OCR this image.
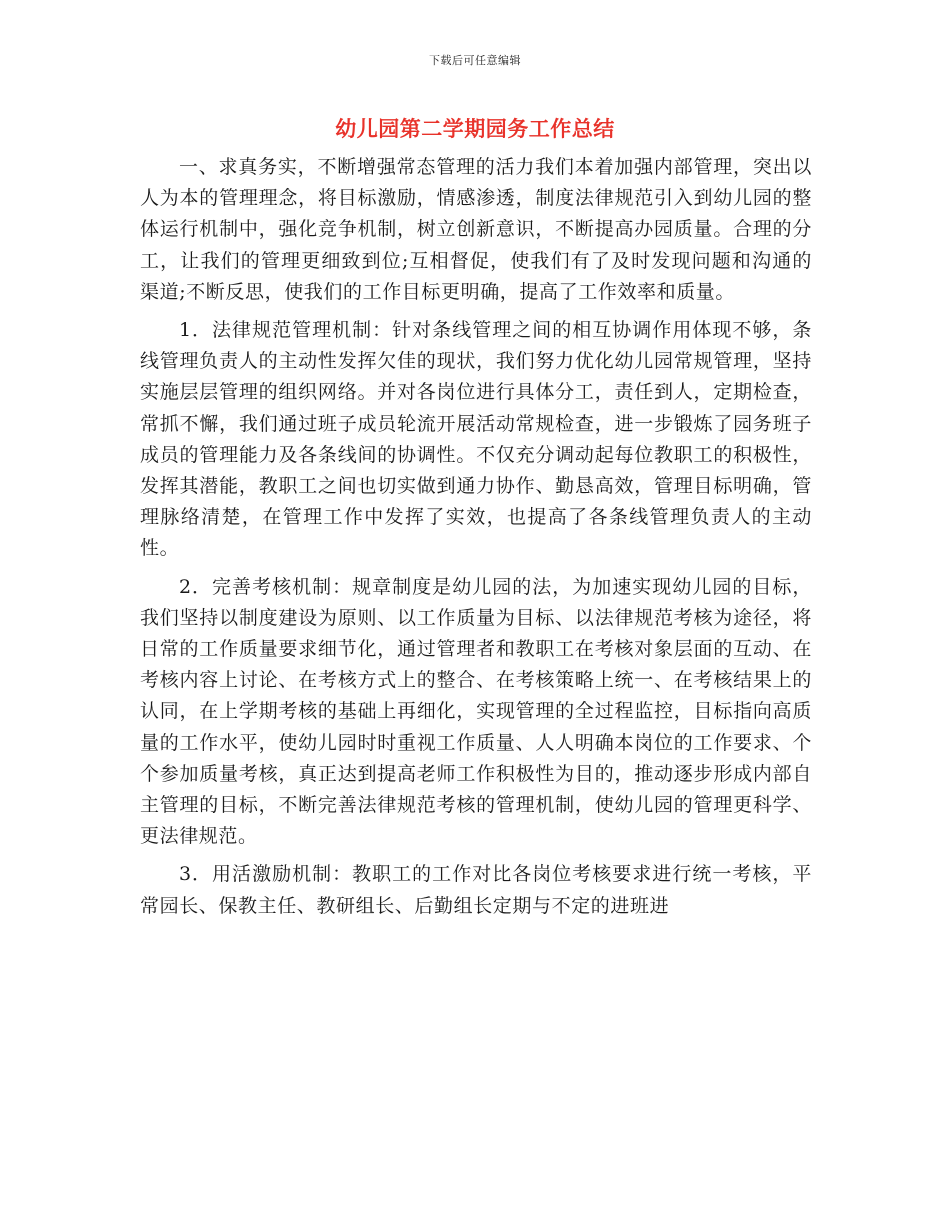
下载后可任意编辑
幼儿园第二学期园务工作总结

一、求真务实，不断增强常态管理的活力我们本着加强内部管理，突出以人为本的管理理念，将目标激励，情感渗透，制度法律规范引入到幼儿园的整体运行机制中，强化竞争机制，树立创新意识，不断提高办园质量。合理的分工，让我们的管理更细致到位;互相督促，使我们有了及时发现问题和沟通的渠道;不断反思，使我们的工作目标更明确，提高了工作效率和质量。

1．法律规范管理机制：针对条线管理之间的相互协调作用体现不够，条线管理负责人的主动性发挥欠佳的现状，我们努力优化幼儿园常规管理，坚持实施层层管理的组织网络。并对各岗位进行具体分工，责任到人，定期检查，常抓不懈，我们通过班子成员轮流开展活动常规检查，进一步锻炼了园务班子成员的管理能力及各条线间的协调性。不仅充分调动起每位教职工的积极性，发挥其潜能，教职工之间也切实做到通力协作、勤恳高效，管理目标明确，管理脉络清楚，在管理工作中发挥了实效，也提高了各条线管理负责人的主动性。

2．完善考核机制：规章制度是幼儿园的法，为加速实现幼儿园的目标，我们坚持以制度建设为原则、以工作质量为目标、以法律规范考核为途径，将日常的工作质量要求细节化，通过管理者和教职工在考核对象层面的互动、在考核内容上讨论、在考核方式上的整合、在考核策略上统一、在考核结果上的认同，在上学期考核的基础上再细化，实现管理的全过程监控，目标指向高质量的工作水平，使幼儿园时时重视工作质量、人人明确本岗位的工作要求、个个参加质量考核，真正达到提高老师工作积极性为目的，推动逐步形成内部自主管理的目标，不断完善法律规范考核的管理机制，使幼儿园的管理更科学、更法律规范。

3．用活激励机制：教职工的工作对比各岗位考核要求进行统一考核，平常园长、保教主任、教研组长、后勤组长定期与不定的进班进
